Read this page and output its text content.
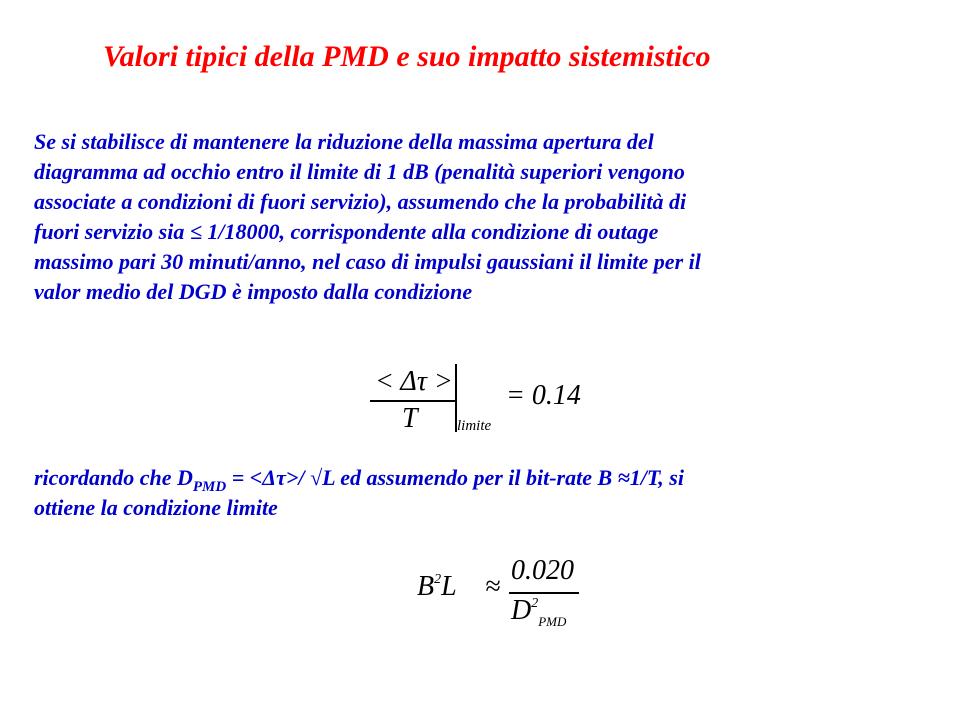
Valori tipici della PMD e suo impatto sistemistico
Se si stabilisce di mantenere la riduzione della massima apertura del
diagramma ad occhio entro il limite di 1 dB (penalità superiori vengono
associate a condizioni di fuori servizio), assumendo che la probabilità di
fuori servizio sia ≤ 1/18000, corrispondente alla condizione di outage
massimo pari 30 minuti/anno, nel caso di impulsi gaussiani il limite per il
valor medio del DGD è imposto dalla condizione
< Δτ >
T	limite
= 0.14
ricordando che $D_{PMD} = <\Delta\tau>/$ √L ed assumendo per il bit-rate B ≈1/T, si
ottiene la condizione limite
$B^2L$ ≈
0.020
$D^2_{PMD}$
